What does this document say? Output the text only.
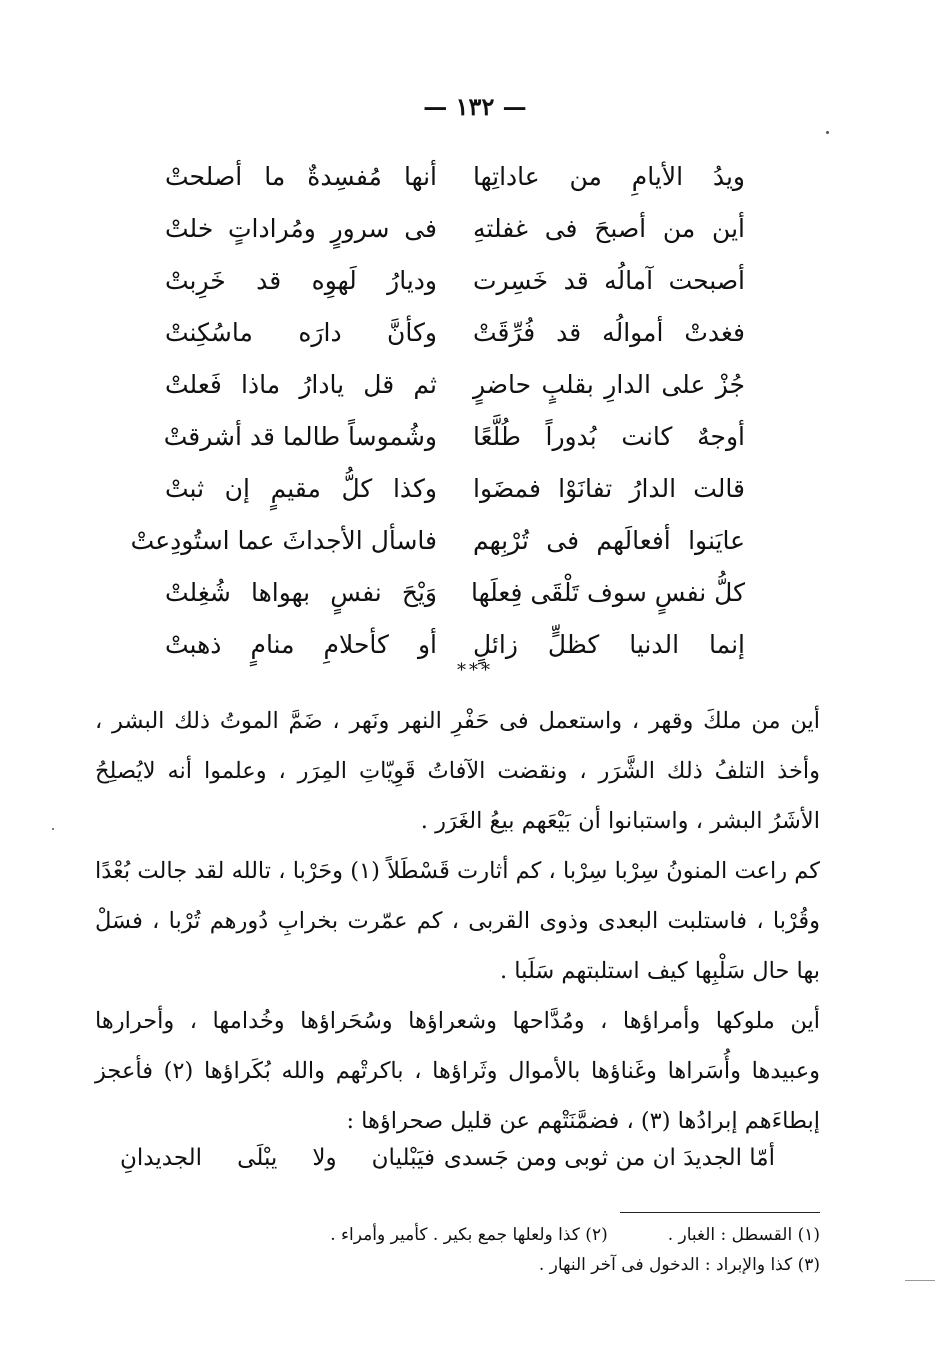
— ١٣٢ —
ويدُ الأيامِ من عاداتِها
أنها مُفسِدةٌ ما أصلحتْ
أين من أصبحَ فى غفلتهِ
فى سرورٍ ومُراداتٍ خلتْ
أصبحت آمالُه قد خَسِرت
وديارُ لَهوِه قد خَرِبتْ
فغدتْ أموالُه قد فُرِّقَتْ
وكأنَّ دارَه ماسُكِنتْ
جُزْ على الدارِ بقلبٍ حاضرٍ
ثم قل يادارُ ماذا فَعلتْ
أوجهٌ كانت بُدوراً طُلَّعًا
وشُموساً طالما قد أشرقتْ
قالت الدارُ تفانَوْا فمضَوا
وكذا كلُّ مقيمٍ إن ثبتْ
عايَنوا أفعالَهم فى تُرْبِهم
فاسأل الأجداثَ عما استُودِعتْ
كلُّ نفسٍ سوف تَلْقَى فِعلَها
وَيْحَ نفسٍ بهواها شُغِلتْ
إنما الدنيا كظلٍّ زائلٍ
أو كأحلامِ منامٍ ذهبتْ
***

أين من ملكَ وقهر ، واستعمل فى حَفْرِ النهر ونَهر ، ضَمَّ الموتُ ذلك البشر ، وأخذ التلفُ ذلك الشَّرَر ، ونقضت الآفاتُ قَوِيّاتِ المِرَر ، وعلموا أنه لايُصلِحُ الأشَرُ البشر ، واستبانوا أن بَيْعَهم بيعُ الغَرَر .

كم راعت المنونُ سِرْبا سِرْبا ، كم أثارت قَسْطَلاً (١) وحَرْبا ، تالله لقد جالت بُعْدًا وقُرْبا ، فاستلبت البعدى وذوى القربى ، كم عمّرت بخرابِ دُورهم تُرْبا ، فسَلْ بها حال سَلْبِها كيف استلبتهم سَلَبا .

أين ملوكها وأمراؤها ، ومُدَّاحها وشعراؤها وسُحَراؤها وخُدامها ، وأحرارها وعبيدها وأُسَراها وغَناؤها بالأموال وثَراؤها ، باكرتْهم والله بُكَراؤها (٢) فأعجز إبطاءَهم إبرادُها (٣) ، فضمَّنَتْهم عن قليل صحراؤها :

أمّا الجديدَ ان من ثوبى ومن جَسدى
فيَبْليان ولا يبْلَى الجديدانِ
(١) القسطل : الغبار .
(٢) كذا ولعلها جمع بكير . كأمير وأمراء .
(٣) كذا والإبراد : الدخول فى آخر النهار .
